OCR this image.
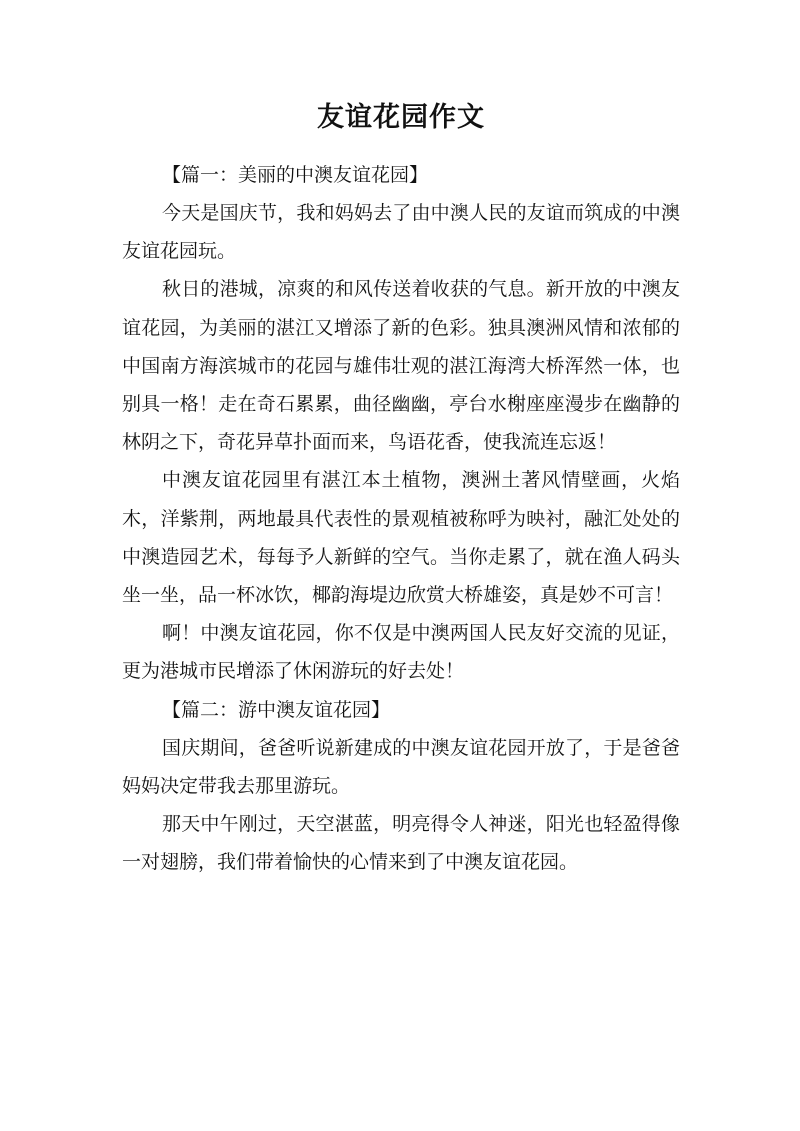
友谊花园作文

【篇一：美丽的中澳友谊花园】

今天是国庆节，我和妈妈去了由中澳人民的友谊而筑成的中澳友谊花园玩。

秋日的港城，凉爽的和风传送着收获的气息。新开放的中澳友谊花园，为美丽的湛江又增添了新的色彩。独具澳洲风情和浓郁的中国南方海滨城市的花园与雄伟壮观的湛江海湾大桥浑然一体，也别具一格！走在奇石累累，曲径幽幽，亭台水榭座座漫步在幽静的林阴之下，奇花异草扑面而来，鸟语花香，使我流连忘返！

中澳友谊花园里有湛江本土植物，澳洲土著风情壁画，火焰木，洋紫荆，两地最具代表性的景观植被称呼为映衬，融汇处处的中澳造园艺术，每每予人新鲜的空气。当你走累了，就在渔人码头坐一坐，品一杯冰饮，椰韵海堤边欣赏大桥雄姿，真是妙不可言！

啊！中澳友谊花园，你不仅是中澳两国人民友好交流的见证，更为港城市民增添了休闲游玩的好去处！

【篇二：游中澳友谊花园】

国庆期间，爸爸听说新建成的中澳友谊花园开放了，于是爸爸妈妈决定带我去那里游玩。

那天中午刚过，天空湛蓝，明亮得令人神迷，阳光也轻盈得像一对翅膀，我们带着愉快的心情来到了中澳友谊花园。
